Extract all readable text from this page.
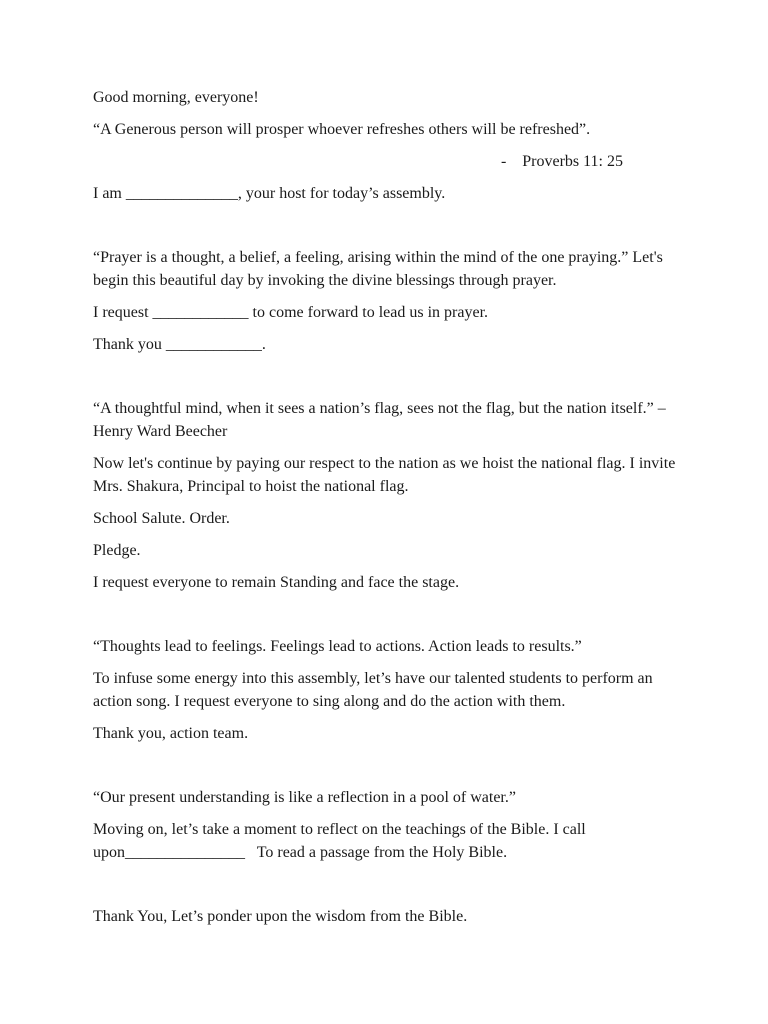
Good morning, everyone!

“A Generous person will prosper whoever refreshes others will be refreshed”.

-    Proverbs 11: 25

I am ______________, your host for today’s assembly.

“Prayer is a thought, a belief, a feeling, arising within the mind of the one praying.” Let's begin this beautiful day by invoking the divine blessings through prayer.

I request ____________ to come forward to lead us in prayer.

Thank you ____________.

“A thoughtful mind, when it sees a nation’s flag, sees not the flag, but the nation itself.” – Henry Ward Beecher

Now let's continue by paying our respect to the nation as we hoist the national flag. I invite Mrs. Shakura, Principal to hoist the national flag.

School Salute. Order.

Pledge.

I request everyone to remain Standing and face the stage.

“Thoughts lead to feelings. Feelings lead to actions. Action leads to results.”

To infuse some energy into this assembly, let’s have our talented students to perform an action song. I request everyone to sing along and do the action with them.

Thank you, action team.

“Our present understanding is like a reflection in a pool of water.”

Moving on, let’s take a moment to reflect on the teachings of the Bible. I call upon_______________   To read a passage from the Holy Bible.

Thank You, Let’s ponder upon the wisdom from the Bible.
